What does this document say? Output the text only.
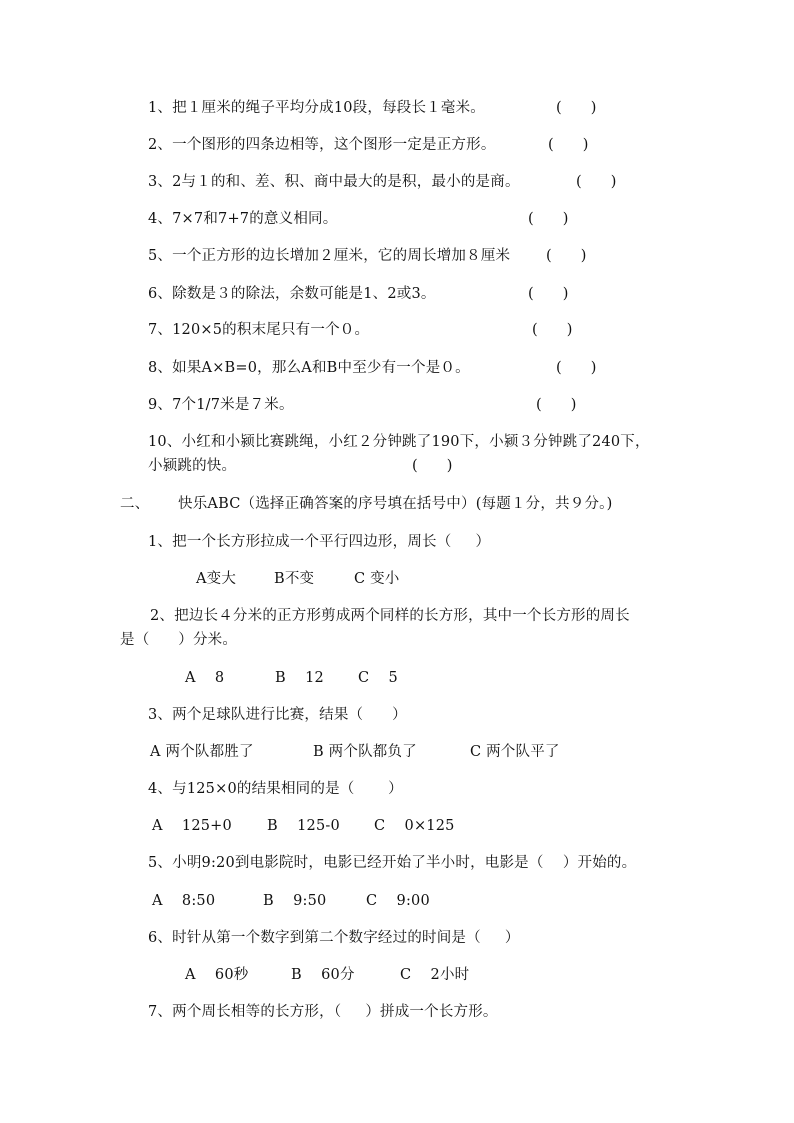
1、把１厘米的绳子平均分成10段，每段长１毫米。	(      )
2、一个图形的四条边相等，这个图形一定是正方形。	(      )
3、2与１的和、差、积、商中最大的是积，最小的是商。	(      )
4、7×7和7+7的意义相同。	(      )
5、一个正方形的边长增加２厘米，它的周长增加８厘米 (      )
6、除数是３的除法，余数可能是1、2或3。	(      )
7、120×5的积末尾只有一个０。	(      )
8、如果A×B=0，那么A和B中至少有一个是０。	(      )
9、7个1/7米是７米。	(      )
10、小红和小颍比赛跳绳，小红２分钟跳了190下，小颍３分钟跳了240下，
小颍跳的快。	(      )
二、 快乐ABC（选择正确答案的序号填在括号中）(每题１分，共９分。)
1、把一个长方形拉成一个平行四边形，周长（     ）
A变大	B不变	C 变小
2、把边长４分米的正方形剪成两个同样的长方形，其中一个长方形的周长
是（      ）分米。
A    8	B    12 C    5
3、两个足球队进行比赛，结果（      ）
A 两个队都胜了	B 两个队都负了	C 两个队平了
4、与125×0的结果相同的是（       ）
A    125+0 B    125-0 C    0×125
5、小明9:20到电影院时，电影已经开始了半小时，电影是（    ）开始的。
A    8:50	B    9:50	C    9:00
6、时针从第一个数字到第二个数字经过的时间是（     ）
A    60秒	B    60分	C    2小时
7、两个周长相等的长方形，（     ）拼成一个长方形。
